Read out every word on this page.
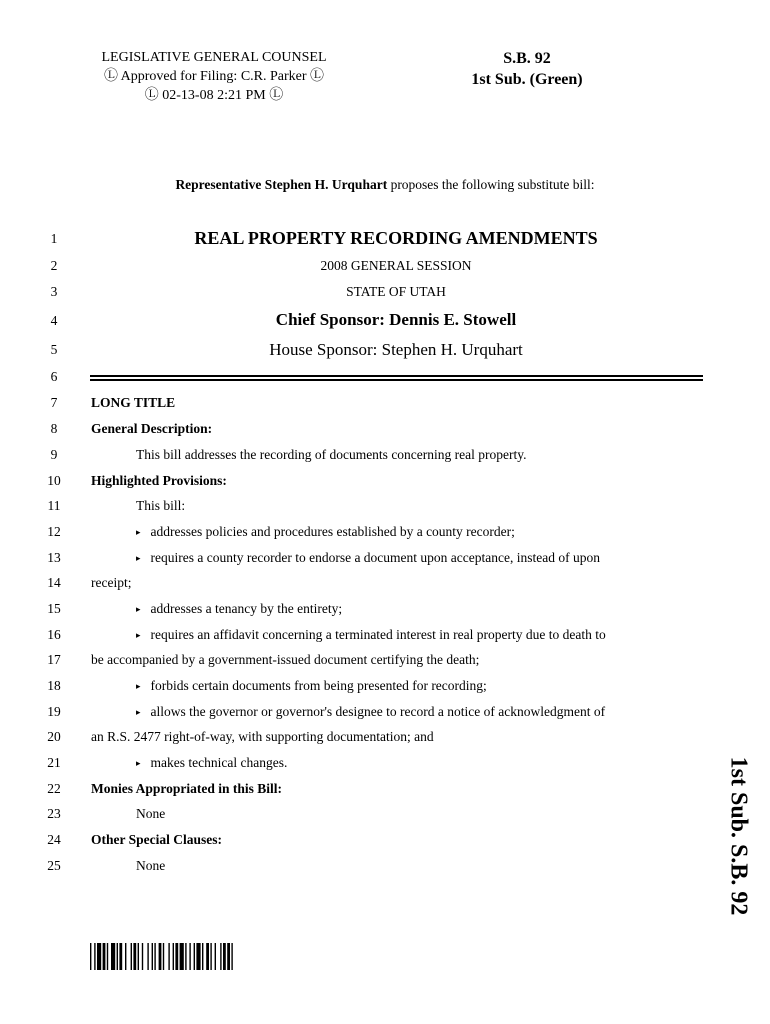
LEGISLATIVE GENERAL COUNSEL
Ⓛ Approved for Filing: C.R. Parker Ⓛ
Ⓛ 02-13-08 2:21 PM Ⓛ
S.B. 92
1st Sub. (Green)
Representative Stephen H. Urquhart proposes the following substitute bill:
1
2
3
4
5
6
7
8
9
10
11
12
13
14
15
16
17
18
19
20
21
22
23
24
25
REAL PROPERTY RECORDING AMENDMENTS
2008 GENERAL SESSION
STATE OF UTAH
Chief Sponsor: Dennis E. Stowell
House Sponsor: Stephen H. Urquhart
LONG TITLE
General Description:
This bill addresses the recording of documents concerning real property.
Highlighted Provisions:
This bill:
▸ addresses policies and procedures established by a county recorder;
▸ requires a county recorder to endorse a document upon acceptance, instead of upon
receipt;
▸ addresses a tenancy by the entirety;
▸ requires an affidavit concerning a terminated interest in real property due to death to
be accompanied by a government-issued document certifying the death;
▸ forbids certain documents from being presented for recording;
▸ allows the governor or governor's designee to record a notice of acknowledgment of
an R.S. 2477 right-of-way, with supporting documentation; and
▸ makes technical changes.
Monies Appropriated in this Bill:
None
Other Special Clauses:
None	1st Sub. S.B. 92
